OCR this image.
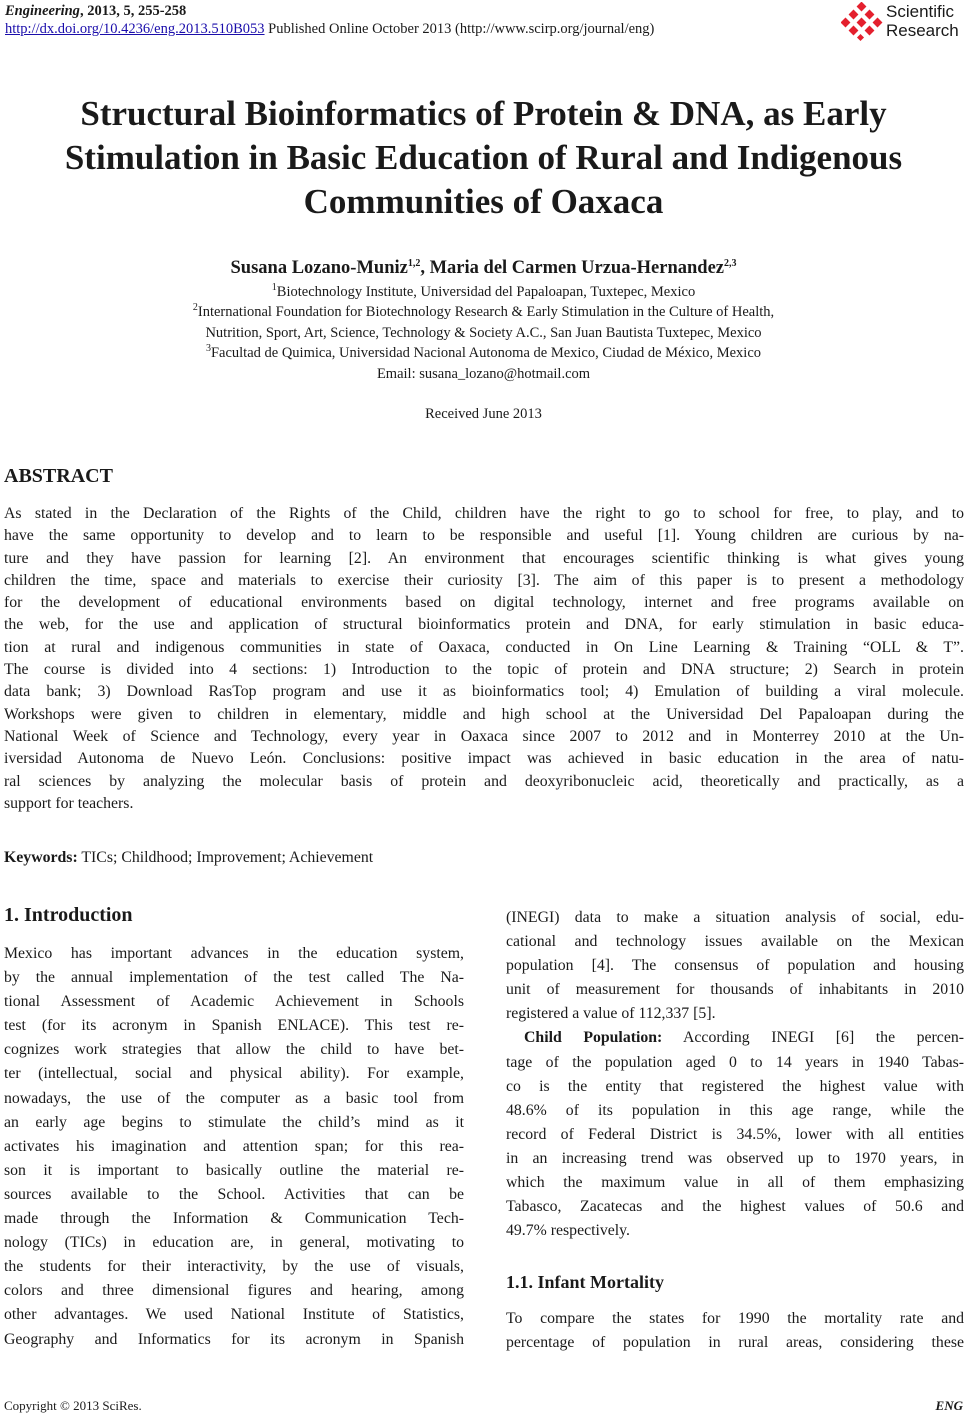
Engineering, 2013, 5, 255-258
http://dx.doi.org/10.4236/eng.2013.510B053 Published Online October 2013 (http://www.scirp.org/journal/eng)
Scientific
Research
Structural Bioinformatics of Protein & DNA, as Early
Stimulation in Basic Education of Rural and Indigenous
Communities of Oaxaca
Susana Lozano-Muniz$^{1,2}$, Maria del Carmen Urzua-Hernandez$^{2,3}$
$^1$Biotechnology Institute, Universidad del Papaloapan, Tuxtepec, Mexico
$^2$International Foundation for Biotechnology Research & Early Stimulation in the Culture of Health,
Nutrition, Sport, Art, Science, Technology & Society A.C., San Juan Bautista Tuxtepec, Mexico
$^3$Facultad de Quimica, Universidad Nacional Autonoma de Mexico, Ciudad de México, Mexico
Email: susana_lozano@hotmail.com
Received June 2013
ABSTRACT
As stated in the Declaration of the Rights of the Child, children have the right to go to school for free, to play, and to
have the same opportunity to develop and to learn to be responsible and useful [1]. Young children are curious by na-
ture and they have passion for learning [2]. An environment that encourages scientific thinking is what gives young
children the time, space and materials to exercise their curiosity [3]. The aim of this paper is to present a methodology
for the development of educational environments based on digital technology, internet and free programs available on
the web, for the use and application of structural bioinformatics protein and DNA, for early stimulation in basic educa-
tion at rural and indigenous communities in state of Oaxaca, conducted in On Line Learning & Training “OLL & T”.
The course is divided into 4 sections: 1) Introduction to the topic of protein and DNA structure; 2) Search in protein
data bank; 3) Download RasTop program and use it as bioinformatics tool; 4) Emulation of building a viral molecule.
Workshops were given to children in elementary, middle and high school at the Universidad Del Papaloapan during the
National Week of Science and Technology, every year in Oaxaca since 2007 to 2012 and in Monterrey 2010 at the Un-
iversidad Autonoma de Nuevo León. Conclusions: positive impact was achieved in basic education in the area of natu-
ral sciences by analyzing the molecular basis of protein and deoxyribonucleic acid, theoretically and practically, as a
support for teachers.
Keywords: TICs; Childhood; Improvement; Achievement
1. Introduction
Mexico has important advances in the education system,
by the annual implementation of the test called The Na-
tional Assessment of Academic Achievement in Schools
test (for its acronym in Spanish ENLACE). This test re-
cognizes work strategies that allow the child to have bet-
ter (intellectual, social and physical ability). For example,
nowadays, the use of the computer as a basic tool from
an early age begins to stimulate the child’s mind as it
activates his imagination and attention span; for this rea-
son it is important to basically outline the material re-
sources available to the School. Activities that can be
made through the Information & Communication Tech-
nology (TICs) in education are, in general, motivating to
the students for their interactivity, by the use of visuals,
colors and three dimensional figures and hearing, among
other advantages. We used National Institute of Statistics,
Geography and Informatics for its acronym in Spanish
(INEGI) data to make a situation analysis of social, edu-
cational and technology issues available on the Mexican
population [4]. The consensus of population and housing
unit of measurement for thousands of inhabitants in 2010
registered a value of 112,337 [5].
Child Population: According INEGI [6] the percen-
tage of the population aged 0 to 14 years in 1940 Tabas-
co is the entity that registered the highest value with
48.6% of its population in this age range, while the
record of Federal District is 34.5%, lower with all entities
in an increasing trend was observed up to 1970 years, in
which the maximum value in all of them emphasizing
Tabasco, Zacatecas and the highest values of 50.6 and
49.7% respectively.
1.1. Infant Mortality
To compare the states for 1990 the mortality rate and
percentage of population in rural areas, considering these
Copyright © 2013 SciRes.	ENG
